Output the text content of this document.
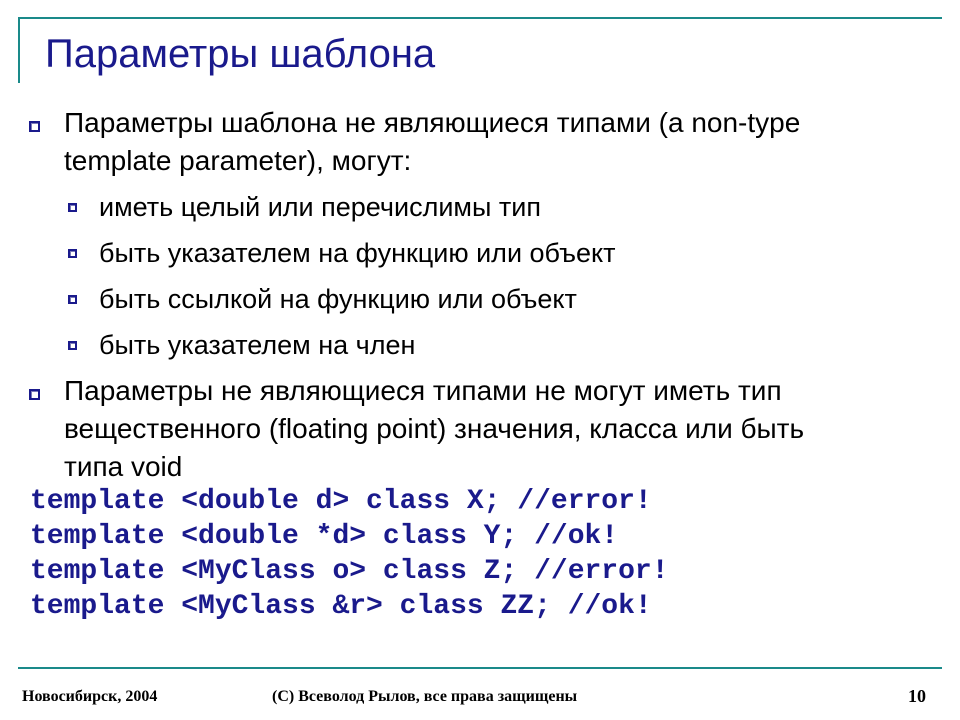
Параметры шаблона
Параметры шаблона не являющиеся типами (a non-type
template parameter), могут:
иметь целый или перечислимы тип
быть указателем на функцию или объект
быть ссылкой на функцию или объект
быть указателем на член
Параметры не являющиеся типами не могут иметь тип
вещественного (floating point) значения, класса или быть
типа void
template <double d> class X; //error!
template <double *d> class Y; //ok!
template <MyClass o> class Z; //error!
template <MyClass &r> class ZZ; //ok!
Новосибирск, 2004	(C) Всеволод Рылов, все права защищены	10
